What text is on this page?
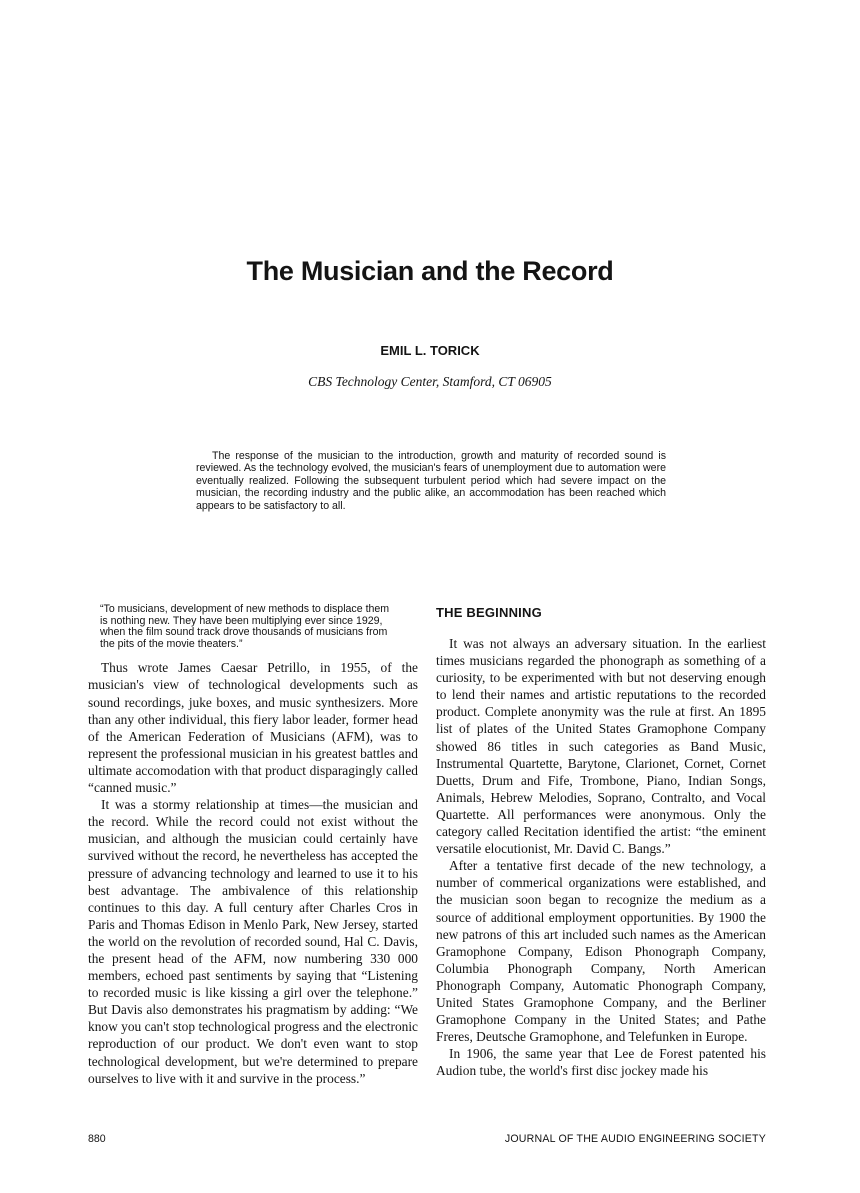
The Musician and the Record
EMIL L. TORICK
CBS Technology Center, Stamford, CT 06905

The response of the musician to the introduction, growth and maturity of recorded sound is reviewed. As the technology evolved, the musician's fears of unemployment due to automation were eventually realized. Following the subsequent turbulent period which had severe impact on the musician, the recording industry and the public alike, an accommodation has been reached which appears to be satisfactory to all.

“To musicians, development of new methods to displace them is nothing new. They have been multiplying ever since 1929, when the film sound track drove thousands of musicians from the pits of the movie theaters.”

Thus wrote James Caesar Petrillo, in 1955, of the musician's view of technological developments such as sound recordings, juke boxes, and music synthesizers. More than any other individual, this fiery labor leader, former head of the American Federation of Musicians (AFM), was to represent the professional musician in his greatest battles and ultimate accomodation with that product disparagingly called “canned music.”

It was a stormy relationship at times—the musician and the record. While the record could not exist without the musician, and although the musician could certainly have survived without the record, he nevertheless has accepted the pressure of advancing technology and learned to use it to his best advantage. The ambivalence of this relationship continues to this day. A full century after Charles Cros in Paris and Thomas Edison in Menlo Park, New Jersey, started the world on the revolution of recorded sound, Hal C. Davis, the present head of the AFM, now numbering 330 000 members, echoed past sentiments by saying that “Listening to recorded music is like kissing a girl over the telephone.” But Davis also demonstrates his pragmatism by adding: “We know you can't stop technological progress and the electronic reproduction of our product. We don't even want to stop technological development, but we're determined to prepare ourselves to live with it and survive in the process.”

THE BEGINNING

It was not always an adversary situation. In the earliest times musicians regarded the phonograph as something of a curiosity, to be experimented with but not deserving enough to lend their names and artistic reputations to the recorded product. Complete anonymity was the rule at first. An 1895 list of plates of the United States Gramophone Company showed 86 titles in such categories as Band Music, Instrumental Quartette, Barytone, Clarionet, Cornet, Cornet Duetts, Drum and Fife, Trombone, Piano, Indian Songs, Animals, Hebrew Melodies, Soprano, Contralto, and Vocal Quartette. All performances were anonymous. Only the category called Recitation identified the artist: “the eminent versatile elocutionist, Mr. David C. Bangs.”

After a tentative first decade of the new technology, a number of commerical organizations were established, and the musician soon began to recognize the medium as a source of additional employment opportunities. By 1900 the new patrons of this art included such names as the American Gramophone Company, Edison Phonograph Company, Columbia Phonograph Company, North American Phonograph Company, Automatic Phonograph Company, United States Gramophone Company, and the Berliner Gramophone Company in the United States; and Pathe Freres, Deutsche Gramophone, and Telefunken in Europe.

In 1906, the same year that Lee de Forest patented his Audion tube, the world's first disc jockey made his

880	JOURNAL OF THE AUDIO ENGINEERING SOCIETY
